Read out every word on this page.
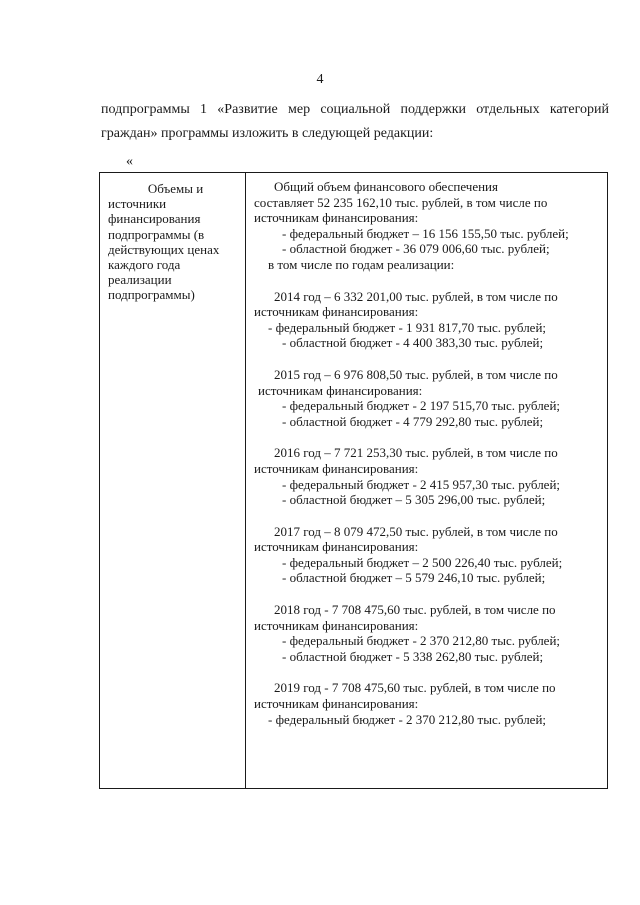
4
подпрограммы 1 «Развитие мер социальной поддержки отдельных категорий
граждан» программы изложить в следующей редакции:
«
Объемы и
источники
финансирования
подпрограммы (в
действующих ценах
каждого года
реализации
подпрограммы)
Общий объем финансового обеспечения
составляет 52 235 162,10 тыс. рублей, в том числе по
источникам финансирования:
- федеральный бюджет – 16 156 155,50 тыс. рублей;
- областной бюджет - 36 079 006,60 тыс. рублей;
в том числе по годам реализации:
2014 год – 6 332 201,00 тыс. рублей, в том числе по
источникам финансирования:
- федеральный бюджет - 1 931 817,70 тыс. рублей;
- областной бюджет - 4 400 383,30 тыс. рублей;
2015 год – 6 976 808,50 тыс. рублей, в том числе по
источникам финансирования:
- федеральный бюджет - 2 197 515,70 тыс. рублей;
- областной бюджет - 4 779 292,80 тыс. рублей;
2016 год – 7 721 253,30 тыс. рублей, в том числе по
источникам финансирования:
- федеральный бюджет - 2 415 957,30 тыс. рублей;
- областной бюджет – 5 305 296,00 тыс. рублей;
2017 год – 8 079 472,50 тыс. рублей, в том числе по
источникам финансирования:
- федеральный бюджет – 2 500 226,40 тыс. рублей;
- областной бюджет – 5 579 246,10 тыс. рублей;
2018 год - 7 708 475,60 тыс. рублей, в том числе по
источникам финансирования:
- федеральный бюджет - 2 370 212,80 тыс. рублей;
- областной бюджет - 5 338 262,80 тыс. рублей;
2019 год - 7 708 475,60 тыс. рублей, в том числе по
источникам финансирования:
- федеральный бюджет - 2 370 212,80 тыс. рублей;
